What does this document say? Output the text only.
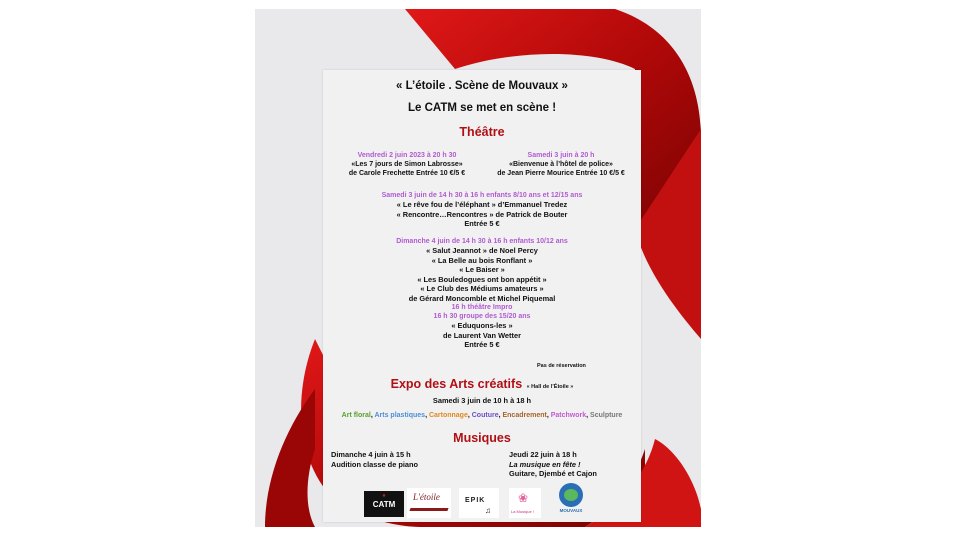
« L’étoile . Scène de Mouvaux »
Le CATM se met en scène !
Théâtre
Vendredi 2 juin 2023 à 20 h 30
«Les 7 jours de Simon Labrosse»
de Carole Frechette Entrée 10 €/5 €
Samedi 3 juin à 20 h
«Bienvenue à l’hôtel de police»
de Jean Pierre Mourice Entrée 10 €/5 €
Samedi 3 juin de 14 h 30 à 16 h enfants 8/10 ans et 12/15 ans
« Le rêve fou de l’éléphant » d’Emmanuel Tredez
« Rencontre…Rencontres » de Patrick de Bouter
Entrée 5 €
Dimanche 4 juin de 14 h 30 à 16 h enfants 10/12 ans
« Salut Jeannot » de Noel Percy
« La Belle au bois Ronflant »
« Le Baiser »
« Les Bouledogues ont bon appétit »
« Le Club des Médiums amateurs »
de Gérard Moncomble et Michel Piquemal
16 h théâtre Impro
16 h 30 groupe des 15/20 ans
« Eduquons-les »
de Laurent Van Wetter
Entrée 5 €
Pas de réservation
Expo des Arts créatifs « Hall de l’Étoile »
Samedi 3 juin de 10 h à 18 h
Art floral, Arts plastiques, Cartonnage, Couture, Encadrement, Patchwork, Sculpture
Musiques
Dimanche 4 juin à 15 h
Audition classe de piano
Jeudi 22 juin à 18 h
La musique en fête !
Guitare, Djembé et Cajon
★
CATM
L'étoile	EPIK
♫
❀
La Musique !	MOUVAUX
